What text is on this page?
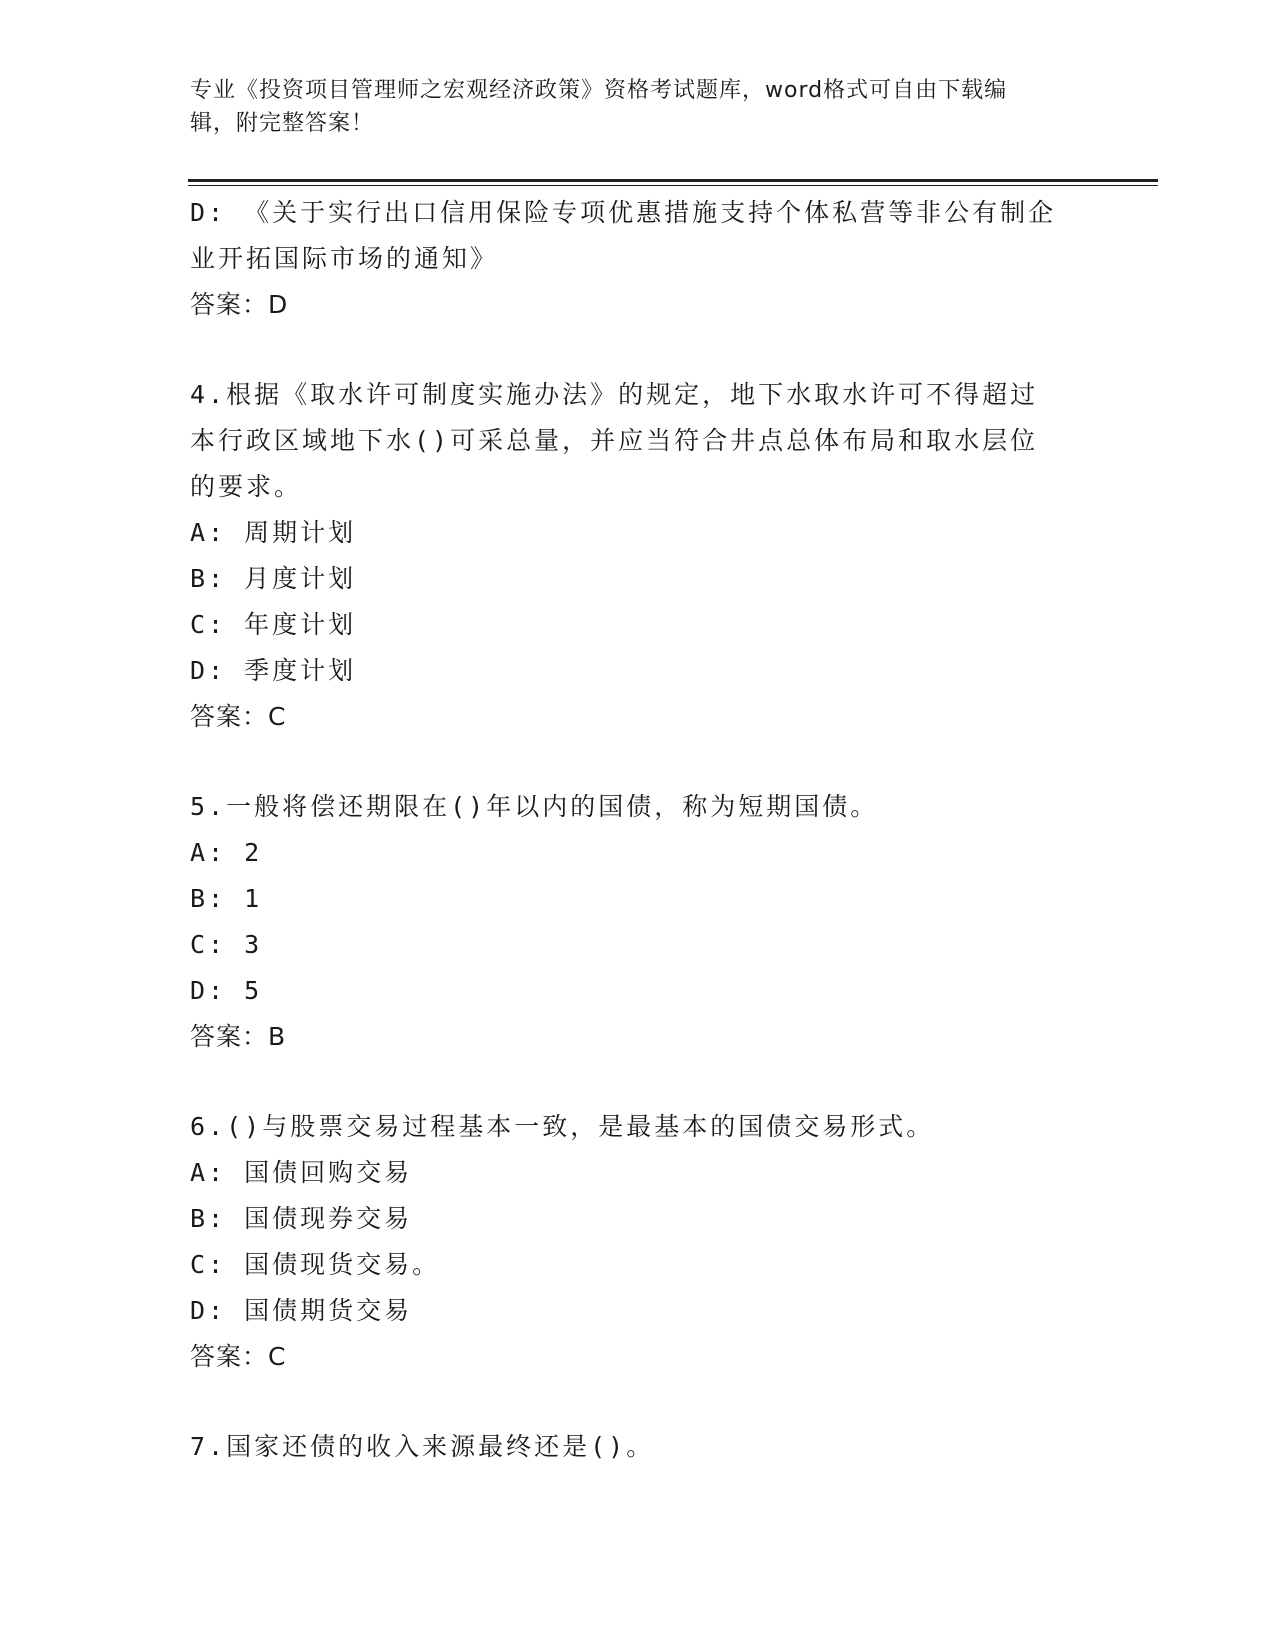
专业《投资项目管理师之宏观经济政策》资格考试题库，word格式可自由下载编
辑，附完整答案！
D: 《关于实行出口信用保险专项优惠措施支持个体私营等非公有制企
业开拓国际市场的通知》
答案：D
4.根据《取水许可制度实施办法》的规定，地下水取水许可不得超过
本行政区域地下水()可采总量，并应当符合井点总体布局和取水层位
的要求。
A: 周期计划
B: 月度计划
C: 年度计划
D: 季度计划
答案：C
5.一般将偿还期限在()年以内的国债，称为短期国债。
A: 2
B: 1
C: 3
D: 5
答案：B
6.()与股票交易过程基本一致，是最基本的国债交易形式。
A: 国债回购交易
B: 国债现券交易
C: 国债现货交易。
D: 国债期货交易
答案：C
7.国家还债的收入来源最终还是()。
